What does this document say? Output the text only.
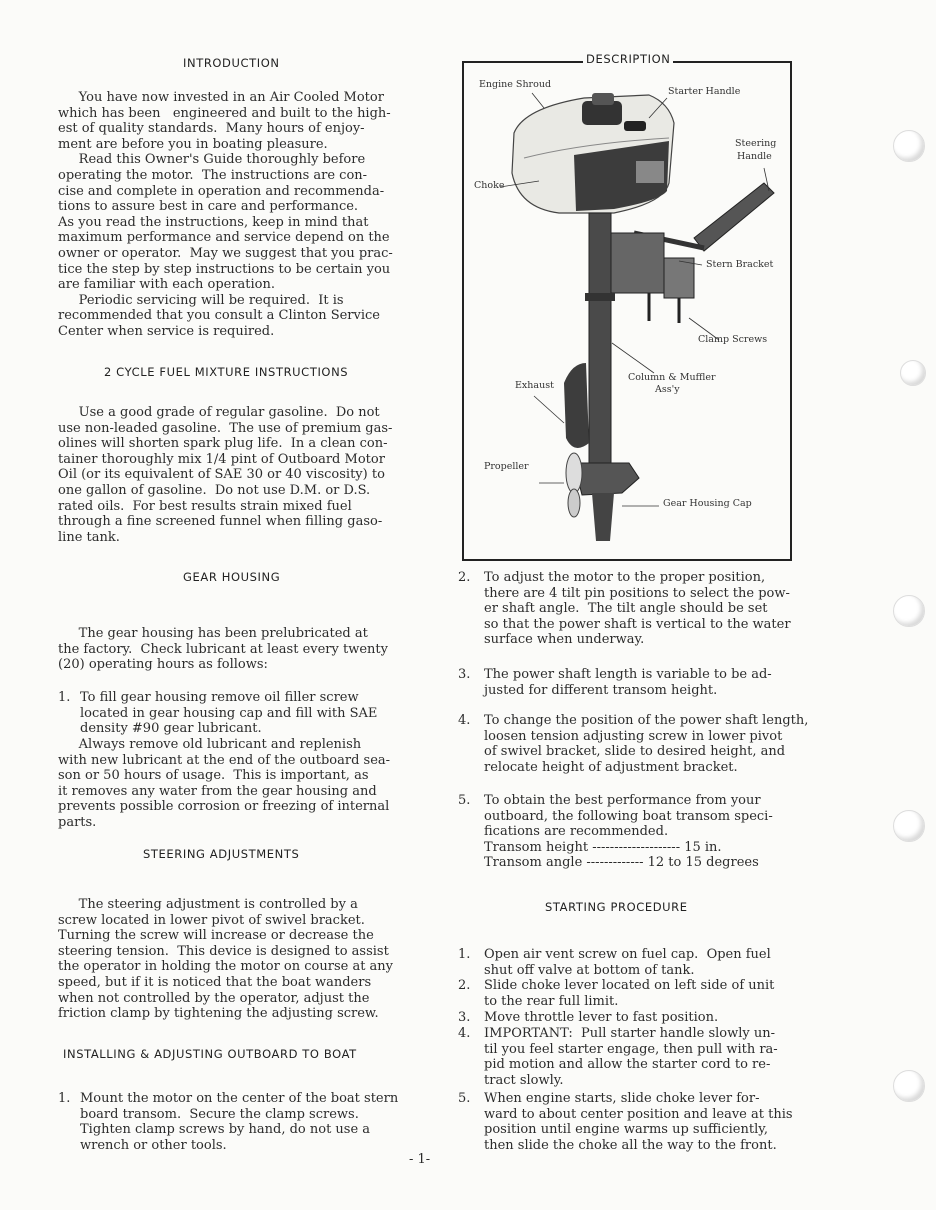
INTRODUCTION
You have now invested in an Air Cooled Motor
which has been   engineered and built to the high-
est of quality standards.  Many hours of enjoy-
ment are before you in boating pleasure.
Read this Owner's Guide thoroughly before
operating the motor.  The instructions are con-
cise and complete in operation and recommenda-
tions to assure best in care and performance.
As you read the instructions, keep in mind that
maximum performance and service depend on the
owner or operator.  May we suggest that you prac-
tice the step by step instructions to be certain you
are familiar with each operation.
Periodic servicing will be required.  It is
recommended that you consult a Clinton Service
Center when service is required.
2 CYCLE FUEL MIXTURE INSTRUCTIONS
Use a good grade of regular gasoline.  Do not
use non-leaded gasoline.  The use of premium gas-
olines will shorten spark plug life.  In a clean con-
tainer thoroughly mix 1/4 pint of Outboard Motor
Oil (or its equivalent of SAE 30 or 40 viscosity) to
one gallon of gasoline.  Do not use D.M. or D.S.
rated oils.  For best results strain mixed fuel
through a fine screened funnel when filling gaso-
line tank.
GEAR HOUSING
The gear housing has been prelubricated at
the factory.  Check lubricant at least every twenty
(20) operating hours as follows:
1. To fill gear housing remove oil filler screw
located in gear housing cap and fill with SAE
density #90 gear lubricant.
Always remove old lubricant and replenish
with new lubricant at the end of the outboard sea-
son or 50 hours of usage.  This is important, as
it removes any water from the gear housing and
prevents possible corrosion or freezing of internal
parts.
STEERING ADJUSTMENTS
The steering adjustment is controlled by a
screw located in lower pivot of swivel bracket.
Turning the screw will increase or decrease the
steering tension.  This device is designed to assist
the operator in holding the motor on course at any
speed, but if it is noticed that the boat wanders
when not controlled by the operator, adjust the
friction clamp by tightening the adjusting screw.
INSTALLING & ADJUSTING OUTBOARD TO BOAT
1. Mount the motor on the center of the boat stern
board transom.  Secure the clamp screws.
Tighten clamp screws by hand, do not use a
wrench or other tools.
- 1-
DESCRIPTION
Engine Shroud
Starter Handle
Steering
Handle
Choke
Stern Bracket
Clamp Screws
Column & Muffler
Ass'y
Exhaust
Propeller
Gear Housing Cap
2. To adjust the motor to the proper position,
there are 4 tilt pin positions to select the pow-
er shaft angle.  The tilt angle should be set
so that the power shaft is vertical to the water
surface when underway.
3. The power shaft length is variable to be ad-
justed for different transom height.
4. To change the position of the power shaft length,
loosen tension adjusting screw in lower pivot
of swivel bracket, slide to desired height, and
relocate height of adjustment bracket.
5. To obtain the best performance from your
outboard, the following boat transom speci-
fications are recommended.
Transom height -------------------- 15 in.
Transom angle ------------- 12 to 15 degrees
STARTING PROCEDURE
1. Open air vent screw on fuel cap.  Open fuel
shut off valve at bottom of tank.
2. Slide choke lever located on left side of unit
to the rear full limit.
3. Move throttle lever to fast position.
4. IMPORTANT:  Pull starter handle slowly un-
til you feel starter engage, then pull with ra-
pid motion and allow the starter cord to re-
tract slowly.
5. When engine starts, slide choke lever for-
ward to about center position and leave at this
position until engine warms up sufficiently,
then slide the choke all the way to the front.
